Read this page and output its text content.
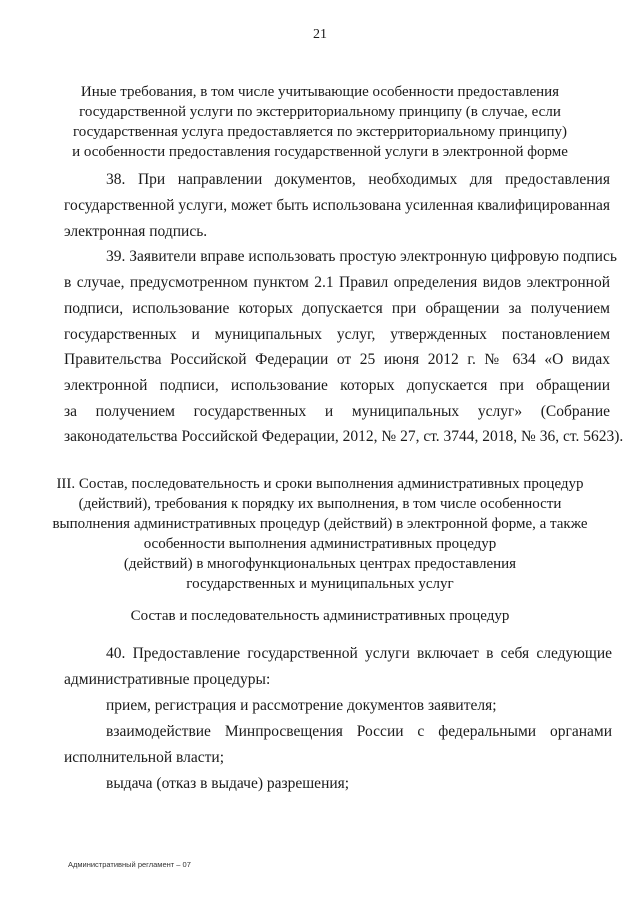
21
Иные требования, в том числе учитывающие особенности предоставления
государственной услуги по экстерриториальному принципу (в случае, если
государственная услуга предоставляется по экстерриториальному принципу)
и особенности предоставления государственной услуги в электронной форме
38. При направлении документов, необходимых для предоставления
государственной услуги, может быть использована усиленная квалифицированная
электронная подпись.
39. Заявители вправе использовать простую электронную цифровую подпись
в случае, предусмотренном пунктом 2.1 Правил определения видов электронной
подписи, использование которых допускается при обращении за получением
государственных и муниципальных услуг, утвержденных постановлением
Правительства Российской Федерации от 25 июня 2012 г. № 634 «О видах
электронной подписи, использование которых допускается при обращении
за получением государственных и муниципальных услуг» (Собрание
законодательства Российской Федерации, 2012, № 27, ст. 3744, 2018, № 36, ст. 5623).
III. Состав, последовательность и сроки выполнения административных процедур
(действий), требования к порядку их выполнения, в том числе особенности
выполнения административных процедур (действий) в электронной форме, а также
особенности выполнения административных процедур
(действий) в многофункциональных центрах предоставления
государственных и муниципальных услуг
Состав и последовательность административных процедур
40. Предоставление государственной услуги включает в себя следующие
административные процедуры:
прием, регистрация и рассмотрение документов заявителя;
взаимодействие Минпросвещения России с федеральными органами
исполнительной власти;
выдача (отказ в выдаче) разрешения;
Административный регламент – 07
